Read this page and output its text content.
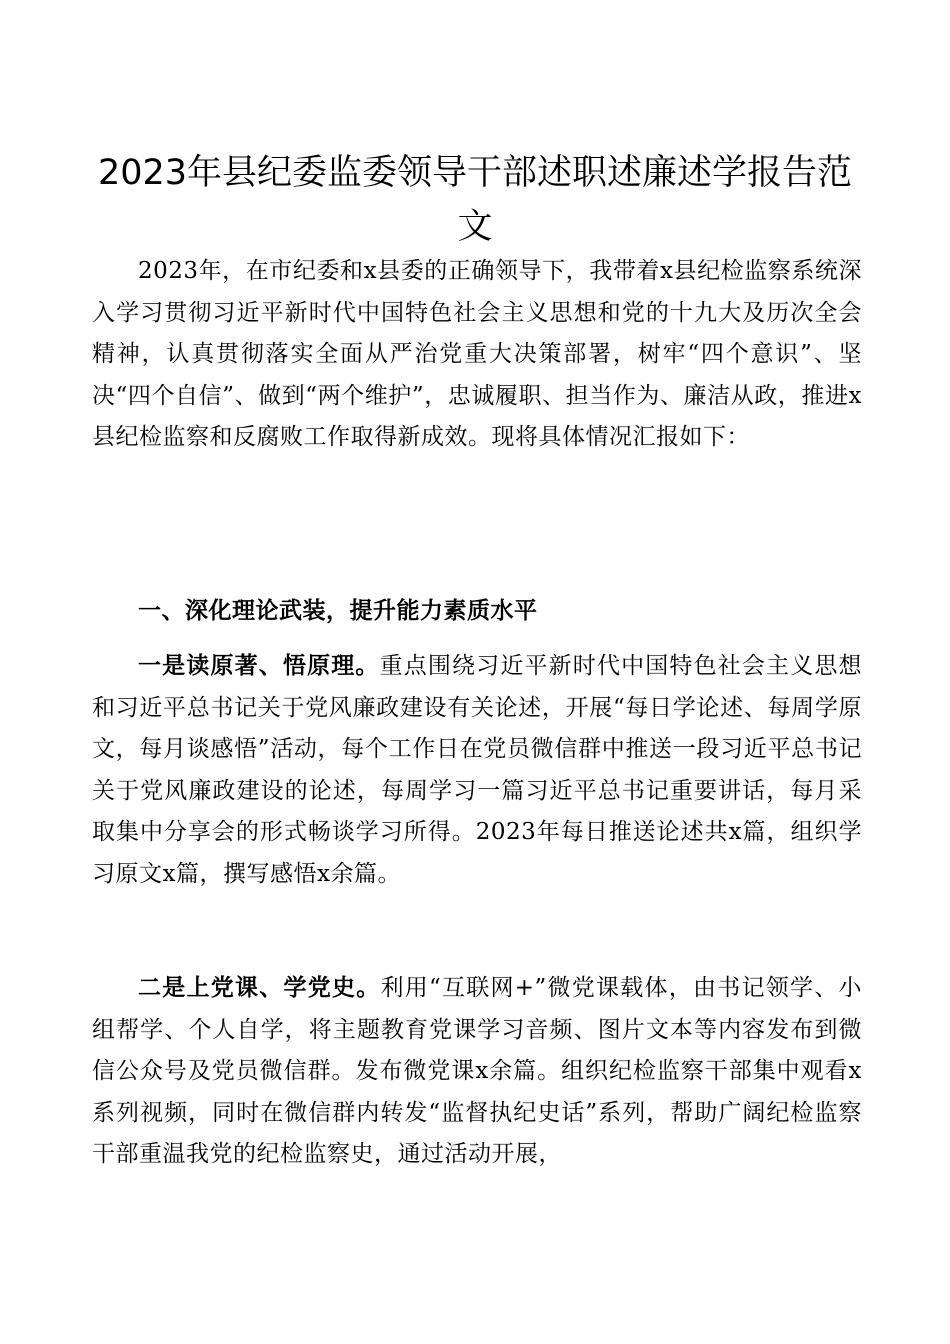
2023年县纪委监委领导干部述职述廉述学报告范文

2023年，在市纪委和x县委的正确领导下，我带着x县纪检监察系统深入学习贯彻习近平新时代中国特色社会主义思想和党的十九大及历次全会精神，认真贯彻落实全面从严治党重大决策部署，树牢“四个意识”、坚决“四个自信”、做到“两个维护”，忠诚履职、担当作为、廉洁从政，推进x县纪检监察和反腐败工作取得新成效。现将具体情况汇报如下：

一、深化理论武装，提升能力素质水平

一是读原著、悟原理。重点围绕习近平新时代中国特色社会主义思想和习近平总书记关于党风廉政建设有关论述，开展“每日学论述、每周学原文，每月谈感悟”活动，每个工作日在党员微信群中推送一段习近平总书记关于党风廉政建设的论述，每周学习一篇习近平总书记重要讲话，每月采取集中分享会的形式畅谈学习所得。2023年每日推送论述共x篇，组织学习原文x篇，撰写感悟x余篇。

二是上党课、学党史。利用“互联网+”微党课载体，由书记领学、小组帮学、个人自学，将主题教育党课学习音频、图片文本等内容发布到微信公众号及党员微信群。发布微党课x余篇。组织纪检监察干部集中观看x系列视频，同时在微信群内转发“监督执纪史话”系列，帮助广阔纪检监察干部重温我党的纪检监察史，通过活动开展，
